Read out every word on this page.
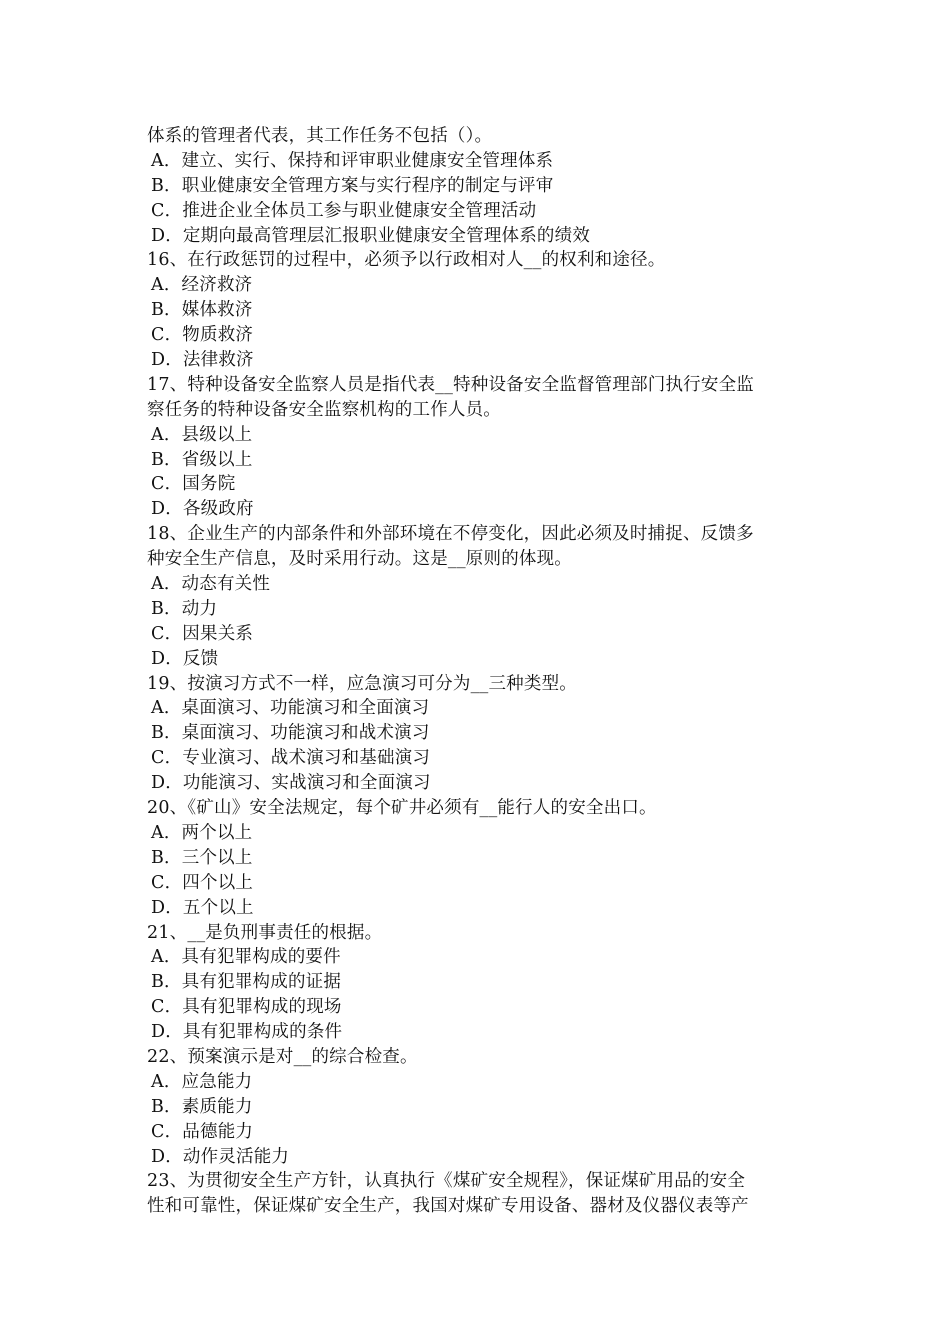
体系的管理者代表，其工作任务不包括（）。
A．建立、实行、保持和评审职业健康安全管理体系
B．职业健康安全管理方案与实行程序的制定与评审
C．推进企业全体员工参与职业健康安全管理活动
D．定期向最高管理层汇报职业健康安全管理体系的绩效
16、在行政惩罚的过程中，必须予以行政相对人__的权利和途径。
A．经济救济
B．媒体救济
C．物质救济
D．法律救济
17、特种设备安全监察人员是指代表__特种设备安全监督管理部门执行安全监
察任务的特种设备安全监察机构的工作人员。
A．县级以上
B．省级以上
C．国务院
D．各级政府
18、企业生产的内部条件和外部环境在不停变化，因此必须及时捕捉、反馈多
种安全生产信息，及时采用行动。这是__原则的体现。
A．动态有关性
B．动力
C．因果关系
D．反馈
19、按演习方式不一样，应急演习可分为__三种类型。
A．桌面演习、功能演习和全面演习
B．桌面演习、功能演习和战术演习
C．专业演习、战术演习和基础演习
D．功能演习、实战演习和全面演习
20、《矿山》安全法规定，每个矿井必须有__能行人的安全出口。
A．两个以上
B．三个以上
C．四个以上
D．五个以上
21、__是负刑事责任的根据。
A．具有犯罪构成的要件
B．具有犯罪构成的证据
C．具有犯罪构成的现场
D．具有犯罪构成的条件
22、预案演示是对__的综合检查。
A．应急能力
B．素质能力
C．品德能力
D．动作灵活能力
23、为贯彻安全生产方针，认真执行《煤矿安全规程》，保证煤矿用品的安全
性和可靠性，保证煤矿安全生产，我国对煤矿专用设备、器材及仪器仪表等产
